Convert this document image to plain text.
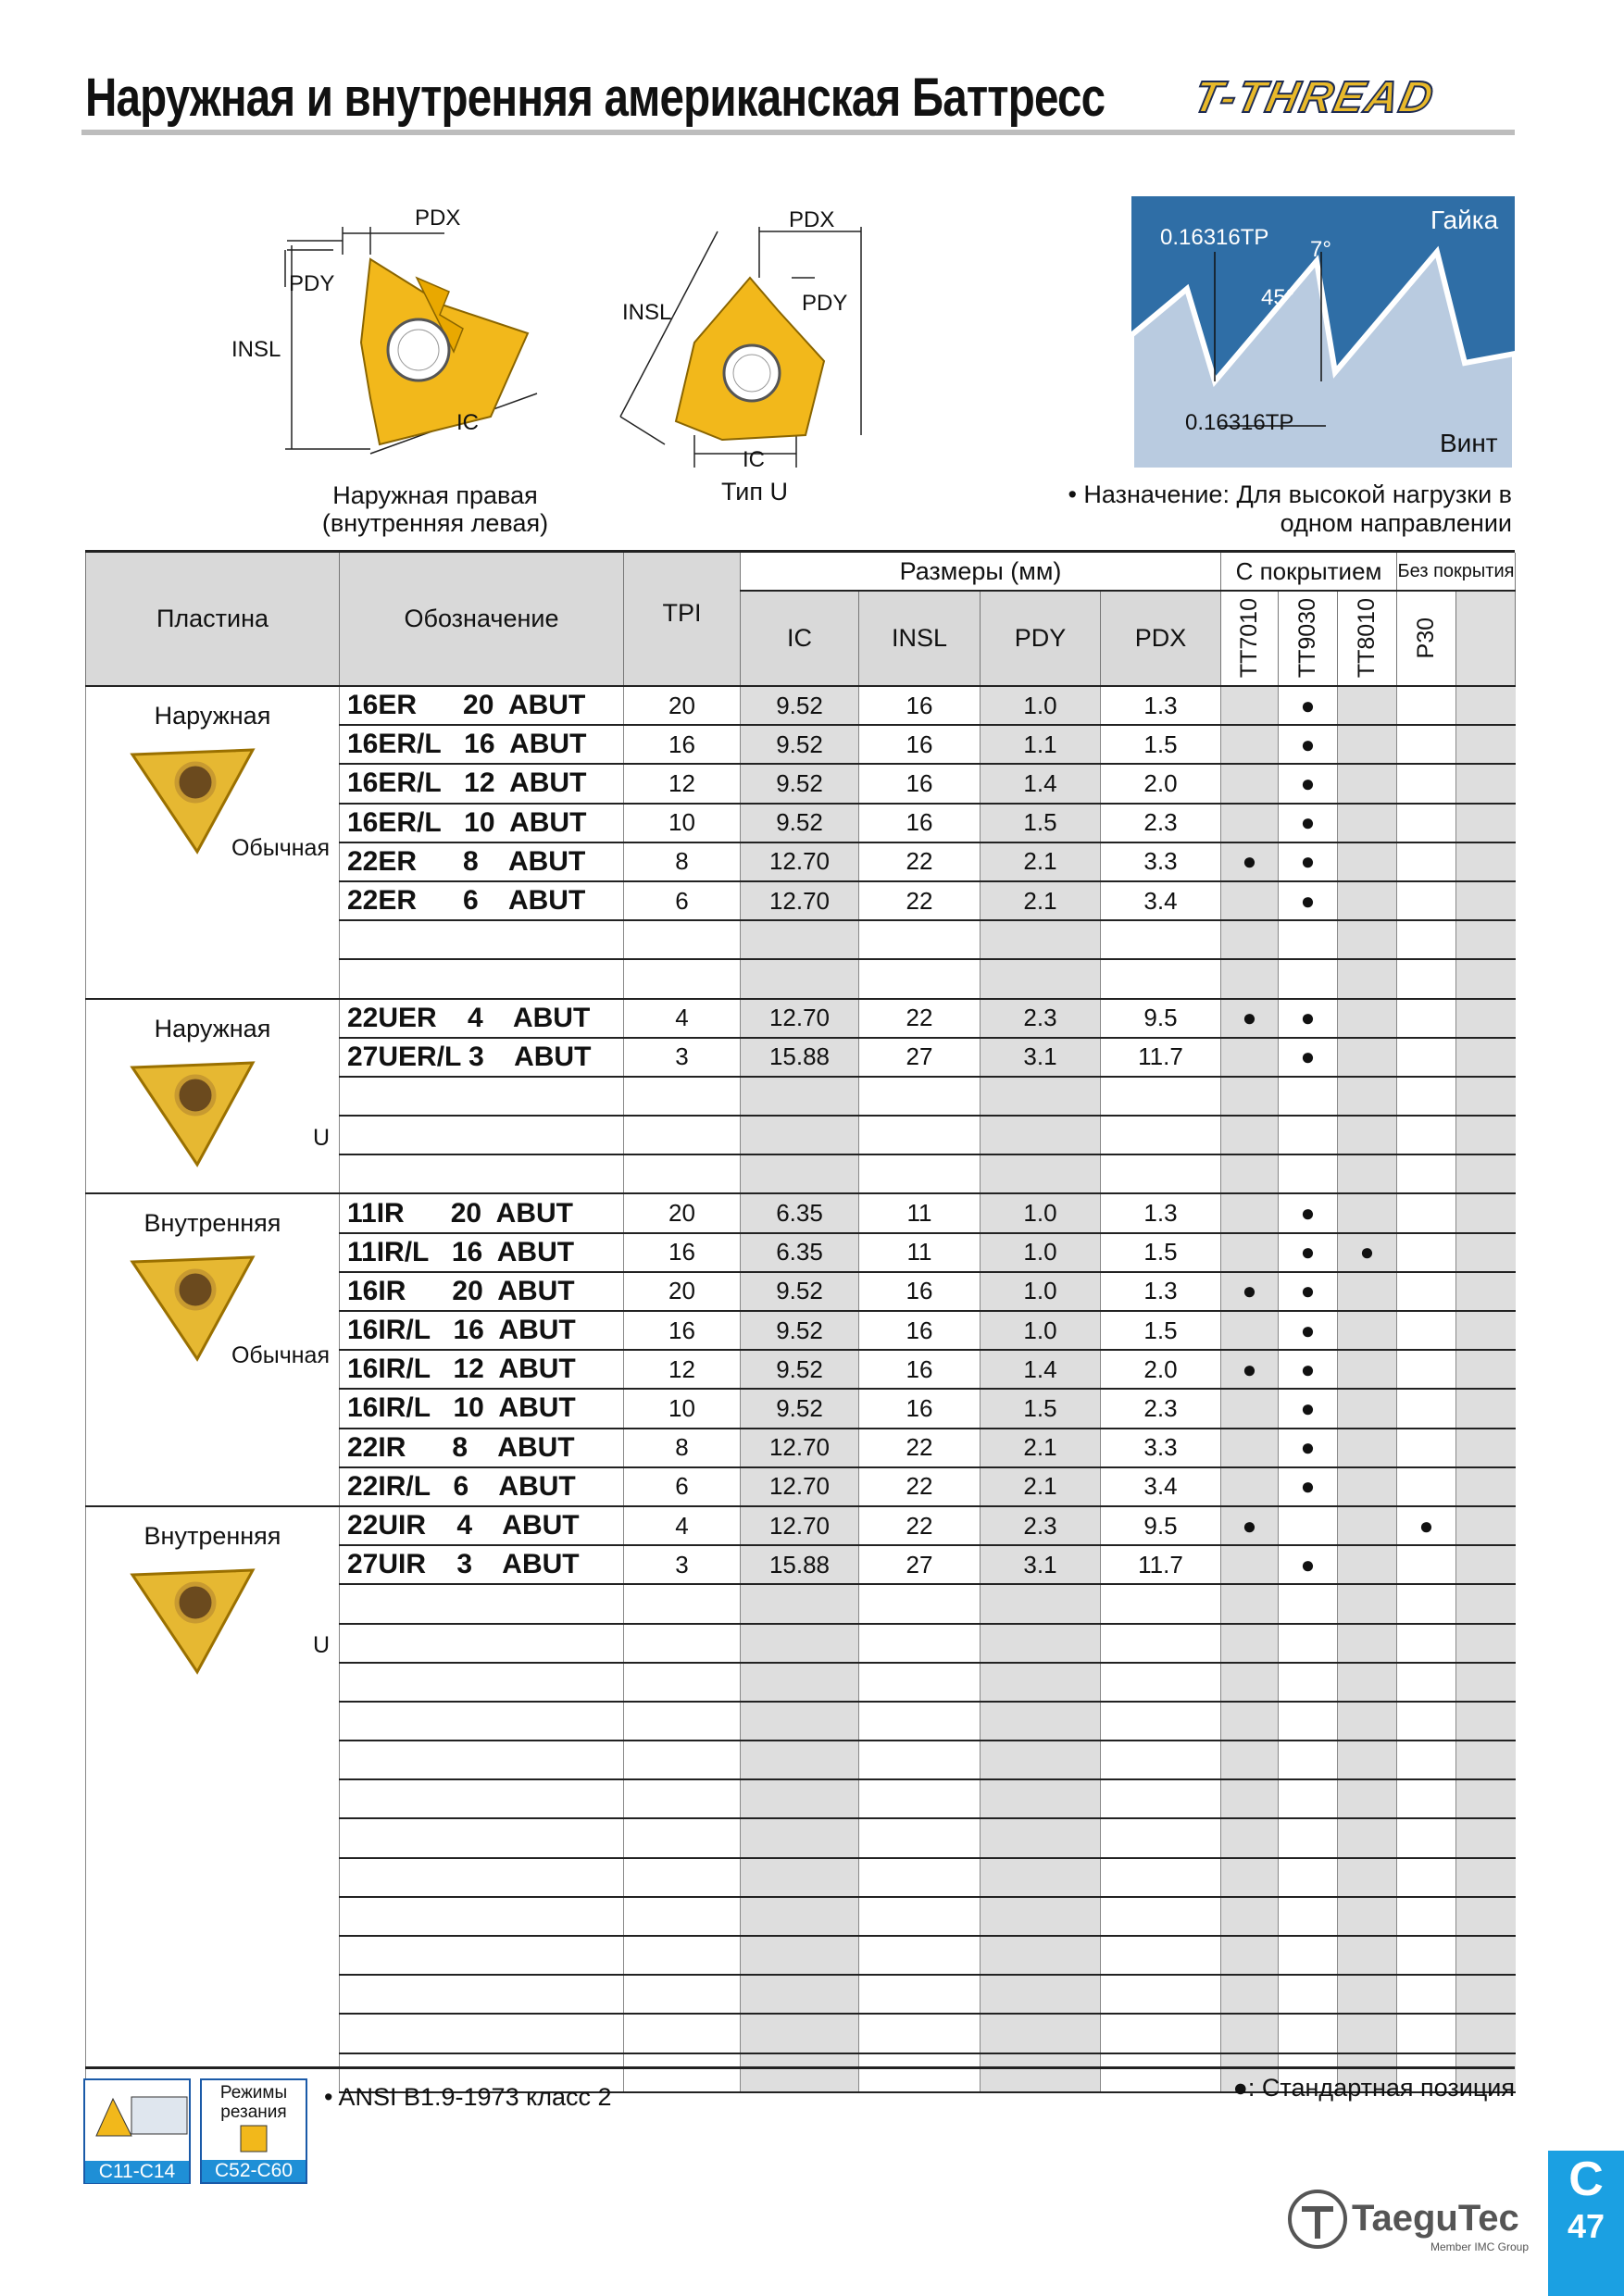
Наружная и внутренняя американская Баттресс T-THREAD
PDX
PDY
INSL
IC
Наружная правая
(внутренняя левая)
PDX
PDY
INSL
IC
Тип U
Гайка
Винт
0.16316TP
0.16316TP
7°
45°
• Назначение: Для высокой нагрузки в
одном направлении
Пластина	Обозначение	TPI	Размеры (мм)				С покрытием			Без покрытия	
			IC	INSL	PDY	PDX	TT7010	TT9030	TT8010	P30	

Наружная
Обычная	16ER      20  ABUT	20	9.52	16	1.0	1.3		●			
	16ER/L   16  ABUT	16	9.52	16	1.1	1.5		●			
	16ER/L   12  ABUT	12	9.52	16	1.4	2.0		●			
	16ER/L   10  ABUT	10	9.52	16	1.5	2.3		●			
	22ER      8    ABUT	8	12.70	22	2.1	3.3	●	●			
	22ER      6    ABUT	6	12.70	22	2.1	3.4		●			

Наружная
U	22UER    4    ABUT	4	12.70	22	2.3	9.5	●	●			
	27UER/L 3    ABUT	3	15.88	27	3.1	11.7		●			

Внутренняя
Обычная	11IR      20  ABUT	20	6.35	11	1.0	1.3		●			
	11IR/L   16  ABUT	16	6.35	11	1.0	1.5		●	●		
	16IR      20  ABUT	20	9.52	16	1.0	1.3	●	●			
	16IR/L   16  ABUT	16	9.52	16	1.0	1.5		●			
	16IR/L   12  ABUT	12	9.52	16	1.4	2.0	●	●			
	16IR/L   10  ABUT	10	9.52	16	1.5	2.3		●			
	22IR      8    ABUT	8	12.70	22	2.1	3.3		●			
	22IR/L   6    ABUT	6	12.70	22	2.1	3.4		●			

Внутренняя
U	22UIR    4    ABUT	4	12.70	22	2.3	9.5	●			●	
	27UIR    3    ABUT	3	15.88	27	3.1	11.7		●			

C11-C14
Режимы
резания
C52-C60
• ANSI B1.9-1973 класс 2	●: Стандартная позиция
TaeguTec
Member IMC Group
C
47
